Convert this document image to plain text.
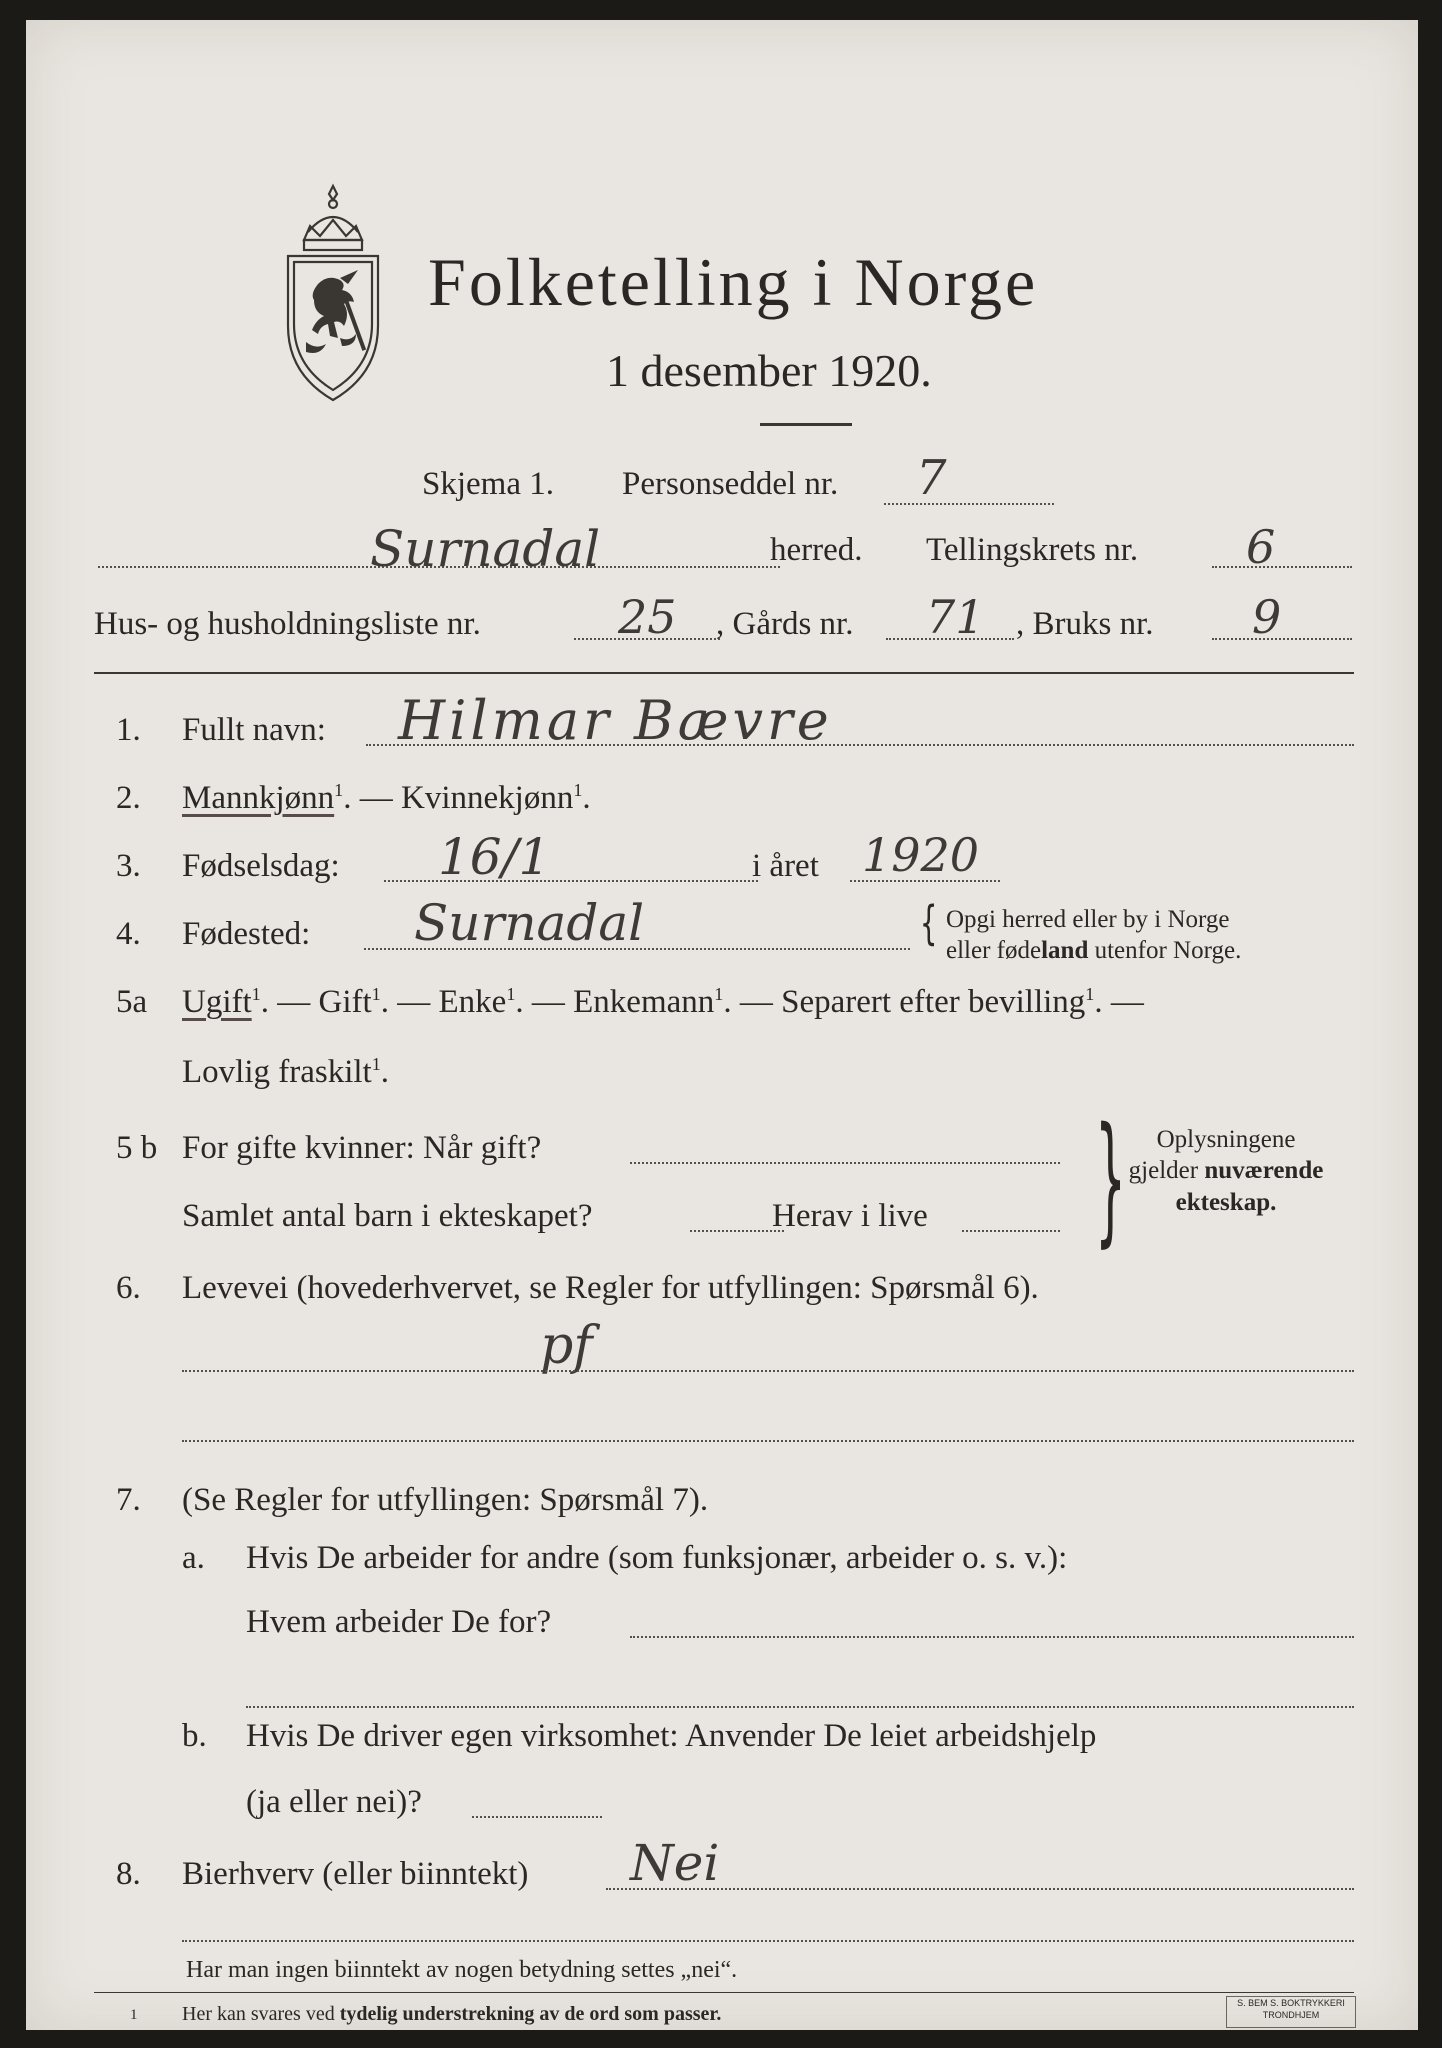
Folketelling i Norge
1 desember 1920.
Skjema 1. Personseddel nr. 7
Surnadal	herred. Tellingskrets nr. 6
Hus- og husholdningsliste nr.	25 , Gårds nr. 71 , Bruks nr. 9
1. Fullt navn: Hilmar Bævre
2. Mannkjønn$^1$. — Kvinnekjønn$^1$.
3. Fødselsdag: 16/1	i året 1920
4. Fødested: Surnadal	{ Opgi herred eller by i Norge
eller fødeland utenfor Norge.
5a Ugift$^1$. — Gift$^1$. — Enke$^1$. — Enkemann$^1$. — Separert efter bevilling$^1$. —
Lovlig fraskilt$^1$.
5 b For gifte kvinner: Når gift?
Samlet antal barn i ekteskapet?	Herav i live }	Oplysningene
gjelder nuværende
ekteskap.
6. Levevei (hovederhvervet, se Regler for utfyllingen: Spørsmål 6).
pf
7. (Se Regler for utfyllingen: Spørsmål 7).
a. Hvis De arbeider for andre (som funksjonær, arbeider o. s. v.):
Hvem arbeider De for?
b. Hvis De driver egen virksomhet: Anvender De leiet arbeidshjelp
(ja eller nei)?
8. Bierhverv (eller biinntekt) Nei
Har man ingen biinntekt av nogen betydning settes „nei“.
1 Her kan svares ved tydelig understrekning av de ord som passer.	S. BEM S. BOKTRYKKERI
TRONDHJEM
